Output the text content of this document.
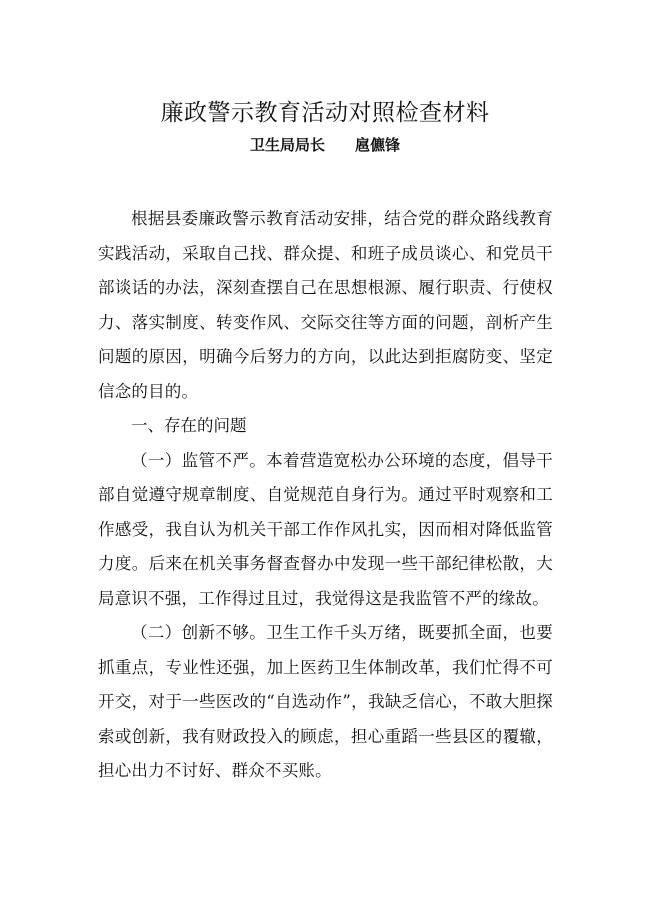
廉政警示教育活动对照检查材料
卫生局局长 扈儦锋

根据县委廉政警示教育活动安排，结合党的群众路线教育实践活动，采取自己找、群众提、和班子成员谈心、和党员干部谈话的办法，深刻查摆自己在思想根源、履行职责、行使权力、落实制度、转变作风、交际交往等方面的问题，剖析产生问题的原因，明确今后努力的方向，以此达到拒腐防变、坚定信念的目的。

一、存在的问题

（一）监管不严。本着营造宽松办公环境的态度，倡导干部自觉遵守规章制度、自觉规范自身行为。通过平时观察和工作感受，我自认为机关干部工作作风扎实，因而相对降低监管力度。后来在机关事务督查督办中发现一些干部纪律松散，大局意识不强，工作得过且过，我觉得这是我监管不严的缘故。

（二）创新不够。卫生工作千头万绪，既要抓全面，也要抓重点，专业性还强，加上医药卫生体制改革，我们忙得不可开交，对于一些医改的“自选动作”，我缺乏信心，不敢大胆探索或创新，我有财政投入的顾虑，担心重蹈一些县区的覆辙，担心出力不讨好、群众不买账。
